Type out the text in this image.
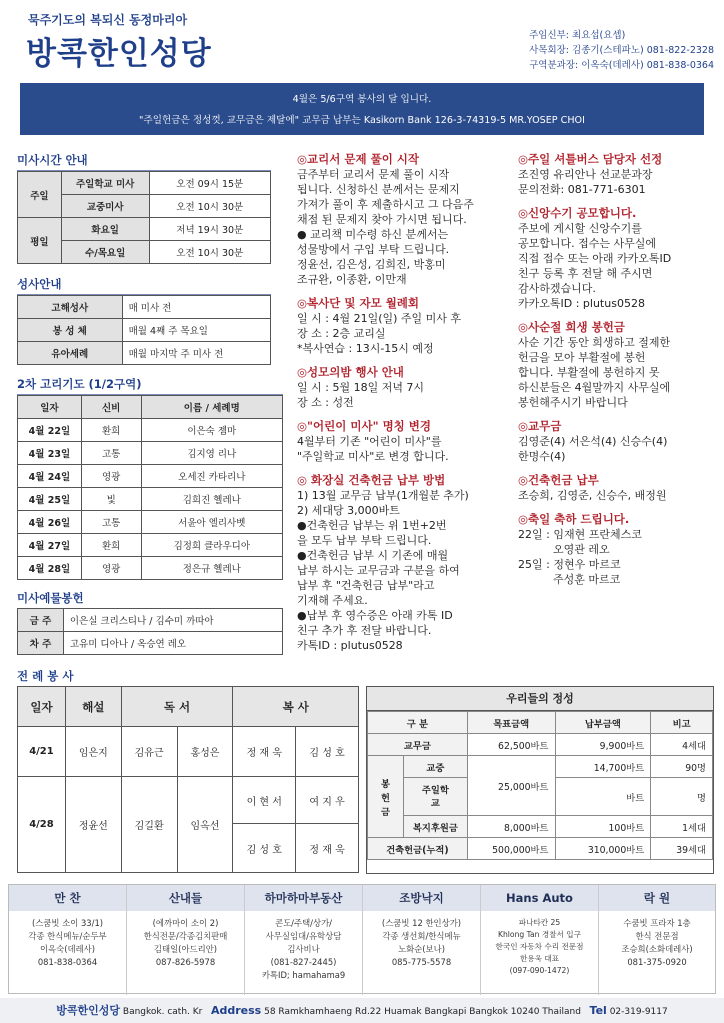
묵주기도의 복되신 동정마리아
방콕한인성당
주임신부: 최요섭(요셉)
사목회장: 김종기(스테파노) 081-822-2328
구역분과장: 이옥숙(데레사) 081-838-0364
4월은 5/6구역 봉사의 달 입니다.
"주일헌금은 정성껏, 교무금은 제달에" 교무금 납부는 Kasikorn Bank 126-3-74319-5 MR.YOSEP CHOI
미사시간 안내
주일	주일학교 미사	오전 09시 15분
	교중미사	오전 10시 30분
평일	화요일	저녁 19시 30분
	수/목요일	오전 10시 30분
성사안내
고해성사	매 미사 전
봉 성 체	매월 4째 주 목요일
유아세례	매월 마지막 주 미사 전
2차 고리기도 (1/2구역)
일자	신비	이름 / 세례명
4월 22일	환희	이은숙 젬마
4월 23일	고통	김지영 리나
4월 24일	영광	오세진 카타리나
4월 25일	빛	김희진 헬레나
4월 26일	고통	서윤아 엘리사벳
4월 27일	환희	김정희 클라우디아
4월 28일	영광	정은규 헬레나
미사예물봉헌
금 주	이은실 크리스티나 / 김수미 까따아
차 주	고유미 디아나 / 옥승연 레오
◎교리서 문제 풀이 시작
금주부터 교리서 문제 풀이 시작
됩니다. 신청하신 분께서는 문제지
가져가 풀이 후 제출하시고 그 다음주
채점 된 문제지 찾아 가시면 됩니다.
● 교리책 미수령 하신 분께서는
성물방에서 구입 부탁 드립니다.
정윤선, 김은성, 김희진, 박홍미
조규완, 이종환, 이만재
◎복사단 및 자모 월례회
일 시 : 4월 21일(일) 주일 미사 후
장 소 : 2층 교리실
*복사연습 : 13시-15시 예정
◎성모의밤 행사 안내
일 시 : 5월 18일 저녁 7시
장 소 : 성전
◎"어린이 미사" 명칭 변경
4월부터 기존 "어린이 미사"를
"주일학교 미사"로 변경 합니다.
◎ 화장실 건축헌금 납부 방법
1) 13월 교무금 납부(1개월분 추가)
2) 세대당 3,000바트
●건축헌금 납부는 위 1번+2번
을 모두 납부 부탁 드립니다.
●건축헌금 납부 시 기존에 매월
납부 하시는 교무금과 구분을 하여
납부 후 "건축헌금 납부"라고
기재해 주세요.
●납부 후 영수증은 아래 카톡 ID
친구 추가 후 전달 바랍니다.
카톡ID : plutus0528
◎주일 셔틀버스 담당자 선정
조진영 유리안나 선교분과장
문의전화: 081-771-6301
◎신앙수기 공모합니다.
주보에 게시할 신앙수기를
공모합니다. 접수는 사무실에
직접 접수 또는 아래 카카오톡ID
친구 등록 후 전달 해 주시면
감사하겠습니다.
카카오톡ID : plutus0528
◎사순절 희생 봉헌금
사순 기간 동안 희생하고 절제한
헌금을 모아 부활절에 봉헌
합니다. 부활절에 봉헌하지 못
하신분들은 4월말까지 사무실에
봉헌해주시기 바랍니다
◎교무금
김영준(4) 서은석(4) 신승수(4)
한명수(4)
◎건축헌금 납부
조승희, 김영준, 신승수, 배정원
◎축일 축하 드립니다.
22일 : 임재현 프란체스코
오영관 레오
25일 : 정현우 마르코
주성훈 마르코
전 례 봉 사
일자	해설	독 서		복 사	
4/21	임은지	김유근	홍성은	정 재 욱	김 성 호
4/28	정윤선	김길환	임옥선	이 현 서	여 지 우
				김 성 호	정 재 욱
우리들의 정성
구 분		목표금액	납부금액	비고
교무금		62,500바트	9,900바트	4세대
봉헌금	교중	25,000바트	14,700바트	90명
	주일학교		바트	명
	복지후원금	8,000바트	100바트	1세대
건축헌금(누적)		500,000바트	310,000바트	39세대
만 찬
(스쿰빗 소이 33/1)
각종 한식메뉴/순두부
이옥숙(데레사)
081-838-0364
산내들
(에까마이 소이 2)
한식전문/각종김치판매
김태일(아드리안)
087-826-5978
하마하마부동산
콘도/주택/상가/
사무실임대/유학상담
김사비나
(081-827-2445)
카톡ID; hamahama9
조방낙지
(스쿰빗 12 한인상가)
각종 생선회/한식메뉴
노화순(보나)
085-775-5578
Hans Auto
파나타칸 25
Khlong Tan 경찰서 입구
한국인 자동차 수리 전문점
한용욱 대표
(097-090-1472)
락 원
수쿰빗 프라자 1층
한식 전문점
조승희(소화데레사)
081-375-0920
방콕한인성당 Bangkok. cath. Kr Address 58 Ramkhamhaeng Rd.22 Huamak Bangkapi Bangkok 10240 Thailand Tel 02-319-9117
